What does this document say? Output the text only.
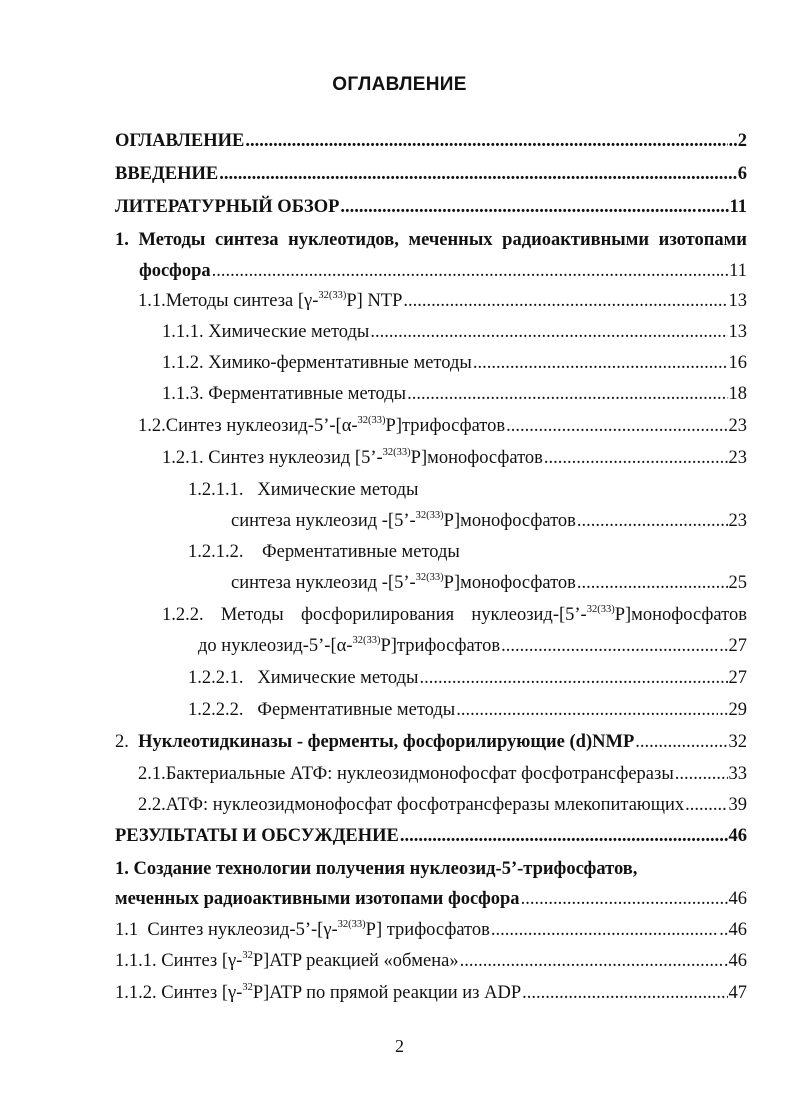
ОГЛАВЛЕНИЕ
ОГЛАВЛЕНИЕ .....	..2
ВВЕДЕНИЕ .....	6
ЛИТЕРАТУРНЫЙ ОБЗОР .....	.......11
1. Методы синтеза нуклеотидов, меченных радиоактивными изотопами
фосфора .....	..11
1.1.Методы синтеза [γ-$^{32(33)}$P] NTP .....	13
1.1.1. Химические методы .....	13
1.1.2. Химико-ферментативные методы .....	16
1.1.3. Ферментативные методы .....	18
1.2.Синтез нуклеозид-5’-[α-$^{32(33)}$P]трифосфатов .....	23
1.2.1. Синтез нуклеозид [5’-$^{32(33)}$P]монофосфатов .....	23
1.2.1.1.   Химические методы
синтеза нуклеозид -[5’-$^{32(33)}$P]монофосфатов .....	23
1.2.1.2.    Ферментативные методы
синтеза нуклеозид -[5’-$^{32(33)}$P]монофосфатов .....	25
1.2.2. Методы фосфорилирования нуклеозид-[5’-$^{32(33)}$P]монофосфатов
до нуклеозид-5’-[α-$^{32(33)}$P]трифосфатов .....	..27
1.2.2.1.   Химические методы .....	27
1.2.2.2.   Ферментативные методы .....	..29
2. Нуклеотидкиназы - ферменты, фосфорилирующие (d)NMP .....	32
2.1.Бактериальные АТФ: нуклеозидмонофосфат фосфотрансферазы .....	33
2.2.АТФ: нуклеозидмонофосфат фосфотрансферазы млекопитающих ..... 39
РЕЗУЛЬТАТЫ И ОБСУЖДЕНИЕ .....	......46
1. Создание технологии получения нуклеозид-5’-трифосфатов,
меченных радиоактивными изотопами фосфора .....	46
1.1  Синтез нуклеозид-5’-[γ-$^{32(33)}$P] трифосфатов .....	..46
1.1.1. Синтез [γ-$^{32}$P]ATP реакцией «обмена» .....	.46
1.1.2. Синтез [γ-$^{32}$P]ATP по прямой реакции из ADP .....	47
2
